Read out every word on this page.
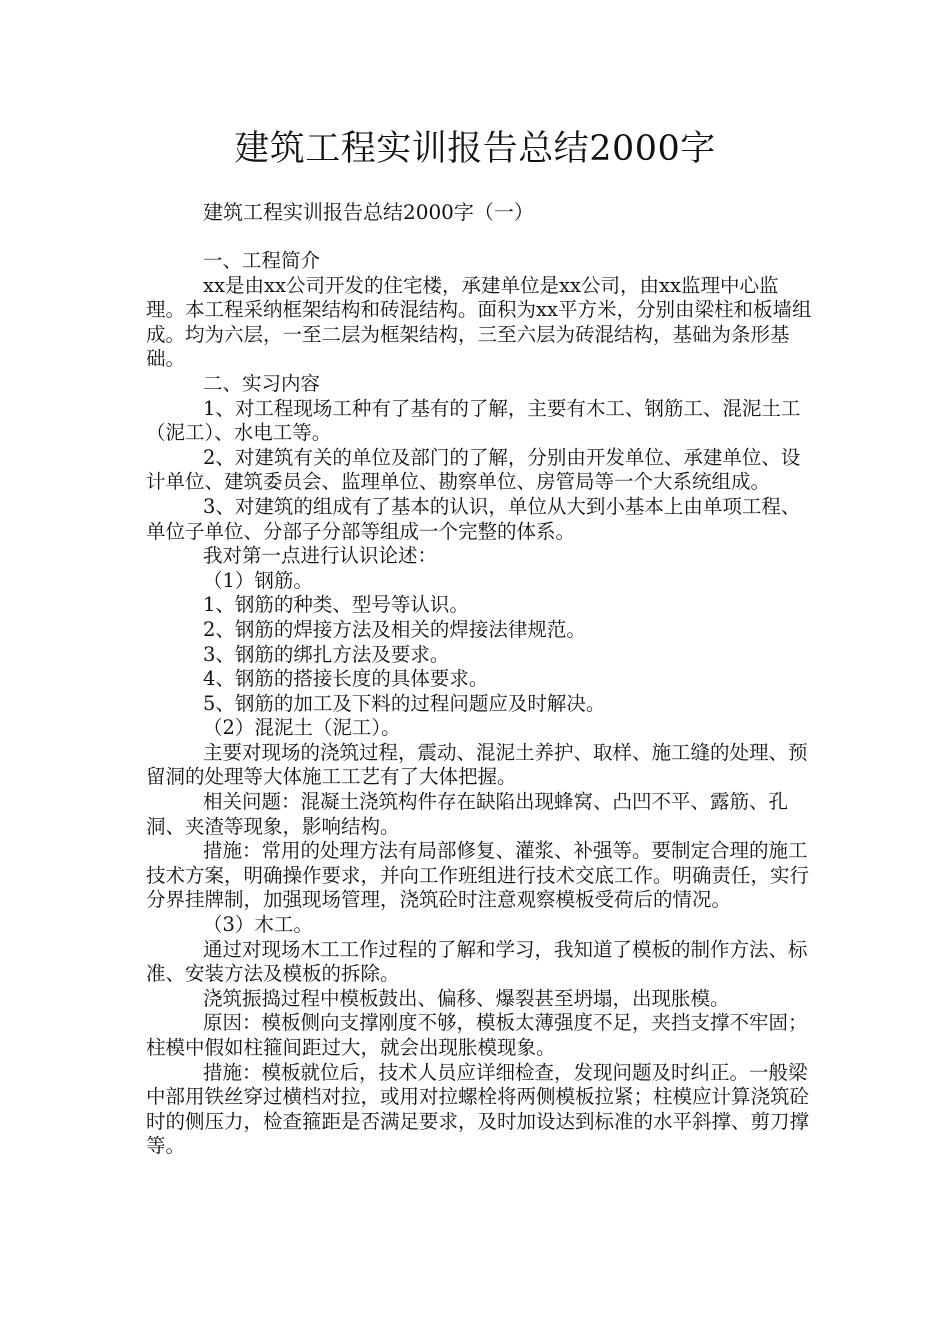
建筑工程实训报告总结2000字

建筑工程实训报告总结2000字（一）

一、工程简介

xx是由xx公司开发的住宅楼，承建单位是xx公司，由xx监理中心监理。本工程采纳框架结构和砖混结构。面积为xx平方米，分别由梁柱和板墙组成。均为六层，一至二层为框架结构，三至六层为砖混结构，基础为条形基础。

二、实习内容

1、对工程现场工种有了基有的了解，主要有木工、钢筋工、混泥土工（泥工）、水电工等。

2、对建筑有关的单位及部门的了解，分别由开发单位、承建单位、设计单位、建筑委员会、监理单位、勘察单位、房管局等一个大系统组成。

3、对建筑的组成有了基本的认识，单位从大到小基本上由单项工程、单位子单位、分部子分部等组成一个完整的体系。

我对第一点进行认识论述：

（1）钢筋。

1、钢筋的种类、型号等认识。

2、钢筋的焊接方法及相关的焊接法律规范。

3、钢筋的绑扎方法及要求。

4、钢筋的搭接长度的具体要求。

5、钢筋的加工及下料的过程问题应及时解决。

（2）混泥土（泥工）。

主要对现场的浇筑过程，震动、混泥土养护、取样、施工缝的处理、预留洞的处理等大体施工工艺有了大体把握。

相关问题：混凝土浇筑构件存在缺陷出现蜂窝、凸凹不平、露筋、孔洞、夹渣等现象，影响结构。

措施：常用的处理方法有局部修复、灌浆、补强等。要制定合理的施工技术方案，明确操作要求，并向工作班组进行技术交底工作。明确责任，实行分界挂牌制，加强现场管理，浇筑砼时注意观察模板受荷后的情况。

（3）木工。

通过对现场木工工作过程的了解和学习，我知道了模板的制作方法、标准、安装方法及模板的拆除。

浇筑振捣过程中模板鼓出、偏移、爆裂甚至坍塌，出现胀模。

原因：模板侧向支撑刚度不够，模板太薄强度不足，夹挡支撑不牢固；柱模中假如柱箍间距过大，就会出现胀模现象。

措施：模板就位后，技术人员应详细检查，发现问题及时纠正。一般梁中部用铁丝穿过横档对拉，或用对拉螺栓将两侧模板拉紧；柱模应计算浇筑砼时的侧压力，检查箍距是否满足要求，及时加设达到标准的水平斜撑、剪刀撑等。
